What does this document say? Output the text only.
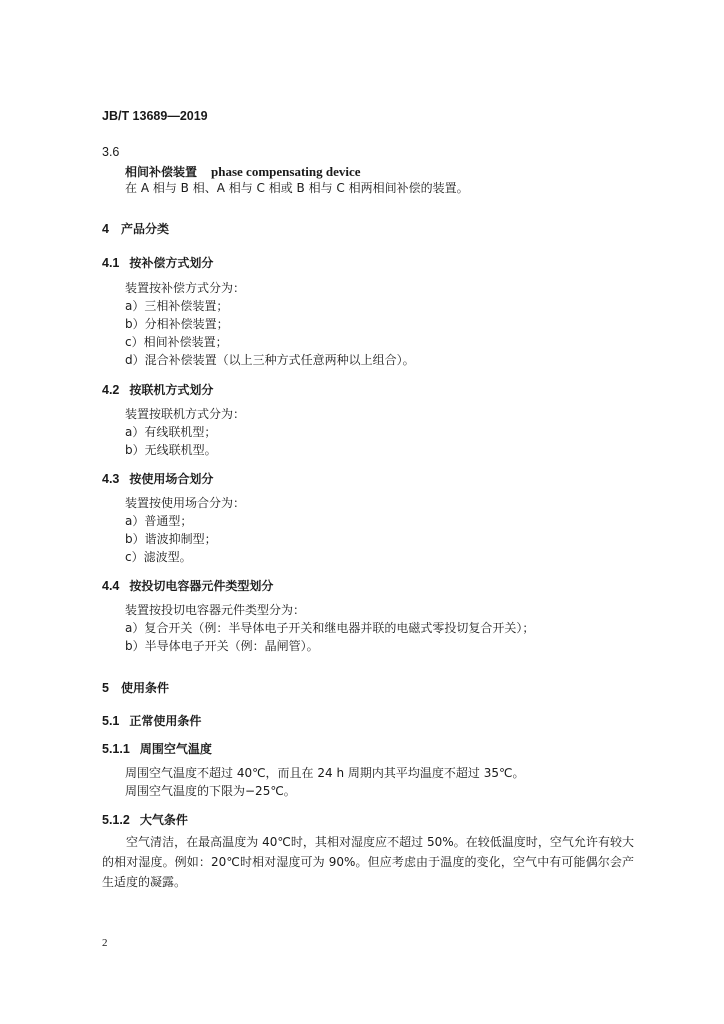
JB/T 13689—2019
3.6
相间补偿装置 phase compensating device
在 A 相与 B 相、A 相与 C 相或 B 相与 C 相两相间补偿的装置。
4 产品分类
4.1 按补偿方式划分
装置按补偿方式分为：
a）三相补偿装置；
b）分相补偿装置；
c）相间补偿装置；
d）混合补偿装置（以上三种方式任意两种以上组合）。
4.2 按联机方式划分
装置按联机方式分为：
a）有线联机型；
b）无线联机型。
4.3 按使用场合划分
装置按使用场合分为：
a）普通型；
b）谐波抑制型；
c）滤波型。
4.4 按投切电容器元件类型划分
装置按投切电容器元件类型分为：
a）复合开关（例：半导体电子开关和继电器并联的电磁式零投切复合开关）；
b）半导体电子开关（例：晶闸管）。
5 使用条件
5.1 正常使用条件
5.1.1 周围空气温度
周围空气温度不超过 40℃，而且在 24 h 周期内其平均温度不超过 35℃。
周围空气温度的下限为−25℃。
5.1.2 大气条件
空气清洁，在最高温度为 40℃时，其相对湿度应不超过 50%。在较低温度时，空气允许有较大的相对湿度。例如：20℃时相对湿度可为 90%。但应考虑由于温度的变化，空气中有可能偶尔会产生适度的凝露。
2
